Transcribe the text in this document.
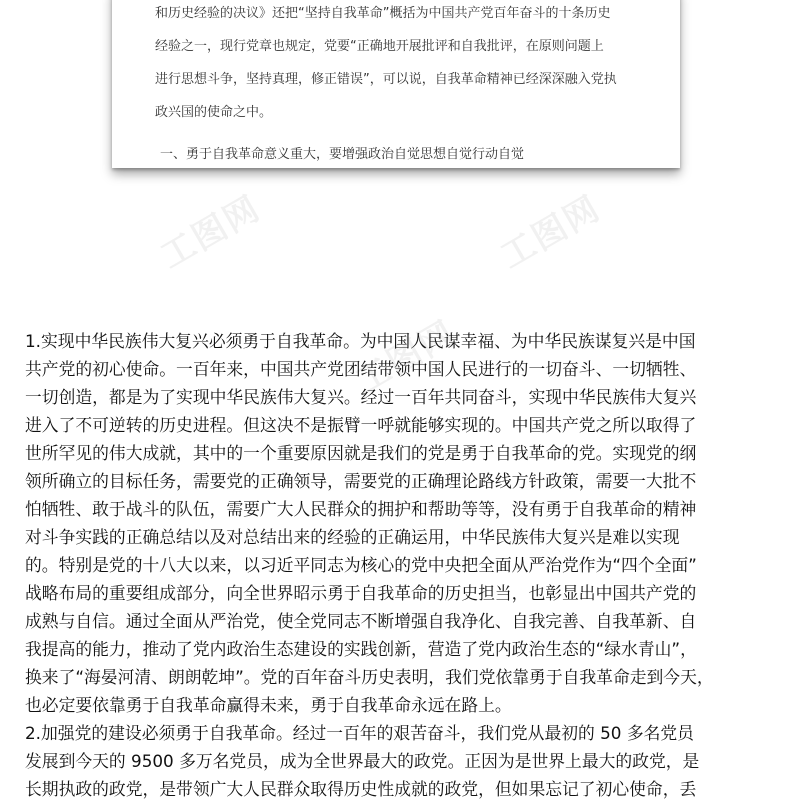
工图网	工图网
工图网
和历史经验的决议》还把“坚持自我革命”概括为中国共产党百年奋斗的十条历史
经验之一，现行党章也规定，党要“正确地开展批评和自我批评，在原则问题上
进行思想斗争，坚持真理，修正错误”，可以说，自我革命精神已经深深融入党执
政兴国的使命之中。
一、勇于自我革命意义重大，要增强政治自觉思想自觉行动自觉
1.实现中华民族伟大复兴必须勇于自我革命。为中国人民谋幸福、为中华民族谋复兴是中国
共产党的初心使命。一百年来，中国共产党团结带领中国人民进行的一切奋斗、一切牺牲、
一切创造，都是为了实现中华民族伟大复兴。经过一百年共同奋斗，实现中华民族伟大复兴
进入了不可逆转的历史进程。但这决不是振臂一呼就能够实现的。中国共产党之所以取得了
世所罕见的伟大成就，其中的一个重要原因就是我们的党是勇于自我革命的党。实现党的纲
领所确立的目标任务，需要党的正确领导，需要党的正确理论路线方针政策，需要一大批不
怕牺牲、敢于战斗的队伍，需要广大人民群众的拥护和帮助等等，没有勇于自我革命的精神
对斗争实践的正确总结以及对总结出来的经验的正确运用，中华民族伟大复兴是难以实现
的。特别是党的十八大以来，以习近平同志为核心的党中央把全面从严治党作为“四个全面”
战略布局的重要组成部分，向全世界昭示勇于自我革命的历史担当，也彰显出中国共产党的
成熟与自信。通过全面从严治党，使全党同志不断增强自我净化、自我完善、自我革新、自
我提高的能力，推动了党内政治生态建设的实践创新，营造了党内政治生态的“绿水青山”，
换来了“海晏河清、朗朗乾坤”。党的百年奋斗历史表明，我们党依靠勇于自我革命走到今天，
也必定要依靠勇于自我革命赢得未来，勇于自我革命永远在路上。
2.加强党的建设必须勇于自我革命。经过一百年的艰苦奋斗，我们党从最初的 50 多名党员
发展到今天的 9500 多万名党员，成为全世界最大的政党。正因为是世界上最大的政党，是
长期执政的政党，是带领广大人民群众取得历史性成就的政党，但如果忘记了初心使命，丢
